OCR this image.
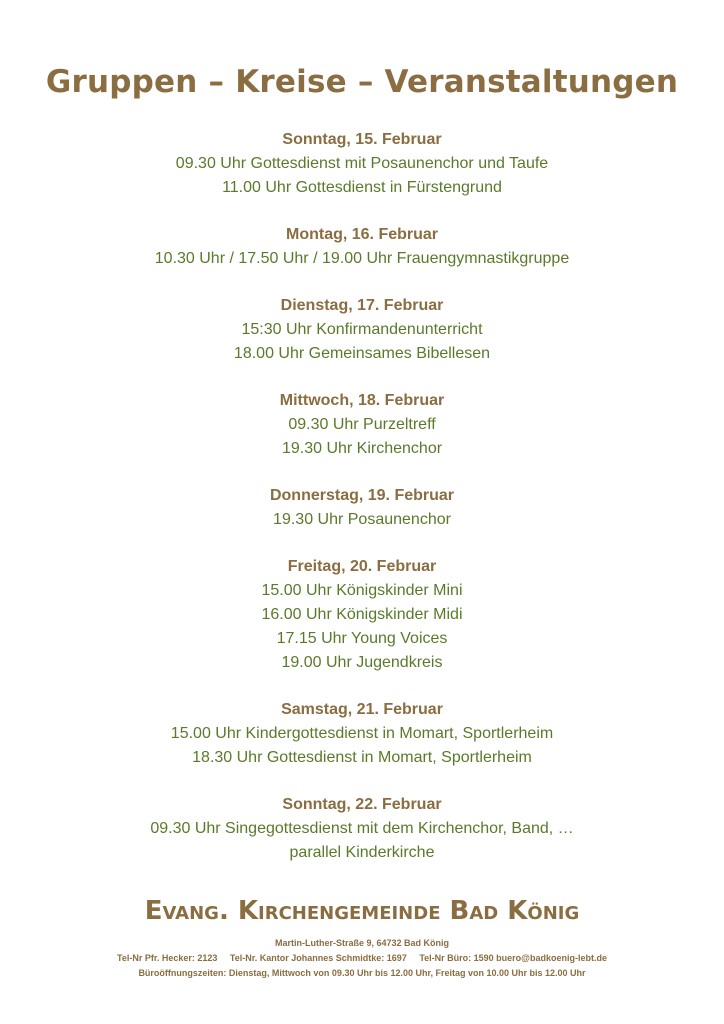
Gruppen – Kreise – Veranstaltungen
Sonntag, 15. Februar
09.30 Uhr Gottesdienst mit Posaunenchor und Taufe
11.00 Uhr Gottesdienst in Fürstengrund
Montag, 16. Februar
10.30 Uhr / 17.50 Uhr / 19.00 Uhr Frauengymnastikgruppe
Dienstag, 17. Februar
15:30 Uhr Konfirmandenunterricht
18.00 Uhr Gemeinsames Bibellesen
Mittwoch, 18. Februar
09.30 Uhr Purzeltreff
19.30 Uhr Kirchenchor
Donnerstag, 19. Februar
19.30 Uhr Posaunenchor
Freitag, 20. Februar
15.00 Uhr Königskinder Mini
16.00 Uhr Königskinder Midi
17.15 Uhr Young Voices
19.00 Uhr Jugendkreis
Samstag, 21. Februar
15.00 Uhr Kindergottesdienst in Momart, Sportlerheim
18.30 Uhr Gottesdienst in Momart, Sportlerheim
Sonntag, 22. Februar
09.30 Uhr Singegottesdienst mit dem Kirchenchor, Band, …
parallel Kinderkirche
Evang. Kirchengemeinde Bad König
Martin-Luther-Straße 9, 64732 Bad König
Tel-Nr Pfr. Hecker: 2123 Tel-Nr. Kantor Johannes Schmidtke: 1697 Tel-Nr Büro: 1590 buero@badkoenig-lebt.de
Büroöffnungszeiten: Dienstag, Mittwoch von 09.30 Uhr bis 12.00 Uhr, Freitag von 10.00 Uhr bis 12.00 Uhr
